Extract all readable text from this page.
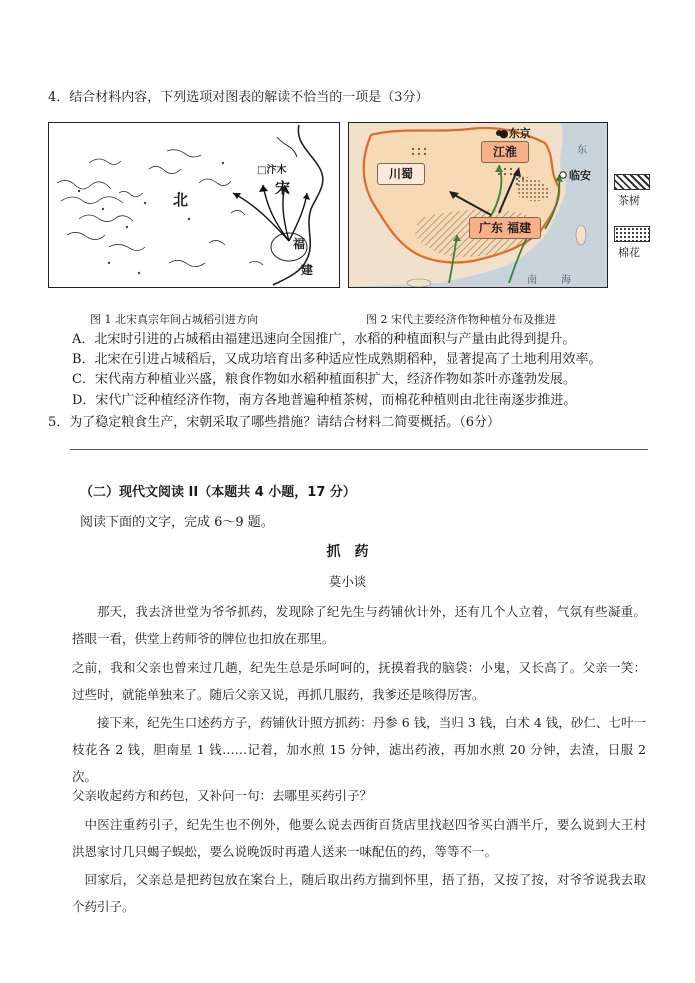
4．结合材料内容，下列选项对图表的解读不恰当的一项是（3分）
北
宋
□汴木
福
建
●东京
临安
东
南 海
江淮
川蜀
广东 福建
茶树
棉花
图 1 北宋真宗年间占城稻引进方向	图 2 宋代主要经济作物种植分布及推进
A．北宋时引进的占城稻由福建迅速向全国推广，水稻的种植面积与产量由此得到提升。
B．北宋在引进占城稻后，又成功培育出多种适应性成熟期稻种，显著提高了土地利用效率。
C．宋代南方种植业兴盛，粮食作物如水稻种植面积扩大，经济作物如茶叶亦蓬勃发展。
D．宋代广泛种植经济作物，南方各地普遍种植茶树，而棉花种植则由北往南逐步推进。
5．为了稳定粮食生产，宋朝采取了哪些措施？请结合材料二简要概括。（6分）
（二）现代文阅读 II（本题共 4 小题，17 分）
阅读下面的文字，完成 6～9 题。
抓　药
莫小谈
那天，我去济世堂为爷爷抓药，发现除了纪先生与药铺伙计外，还有几个人立着，气氛有些凝重。搭眼一看，供堂上药师爷的牌位也扣放在那里。
之前，我和父亲也曾来过几趟，纪先生总是乐呵呵的，抚摸着我的脑袋：小鬼，又长高了。父亲一笑：过些时，就能单独来了。随后父亲又说，再抓几服药，我爹还是咳得厉害。
接下来，纪先生口述药方子，药铺伙计照方抓药：丹参 6 钱，当归 3 钱，白术 4 钱，砂仁、七叶一枝花各 2 钱，胆南星 1 钱……记着，加水煎 15 分钟，滤出药液，再加水煎 20 分钟，去渣，日服 2 次。
父亲收起药方和药包，又补问一句：去哪里买药引子？
中医注重药引子，纪先生也不例外，他要么说去西街百货店里找赵四爷买白酒半斤，要么说到大王村洪恩家讨几只蝎子蜈蚣，要么说晚饭时再遣人送来一味配伍的药，等等不一。
回家后，父亲总是把药包放在案台上，随后取出药方揣到怀里，捂了捂，又按了按，对爷爷说我去取个药引子。
